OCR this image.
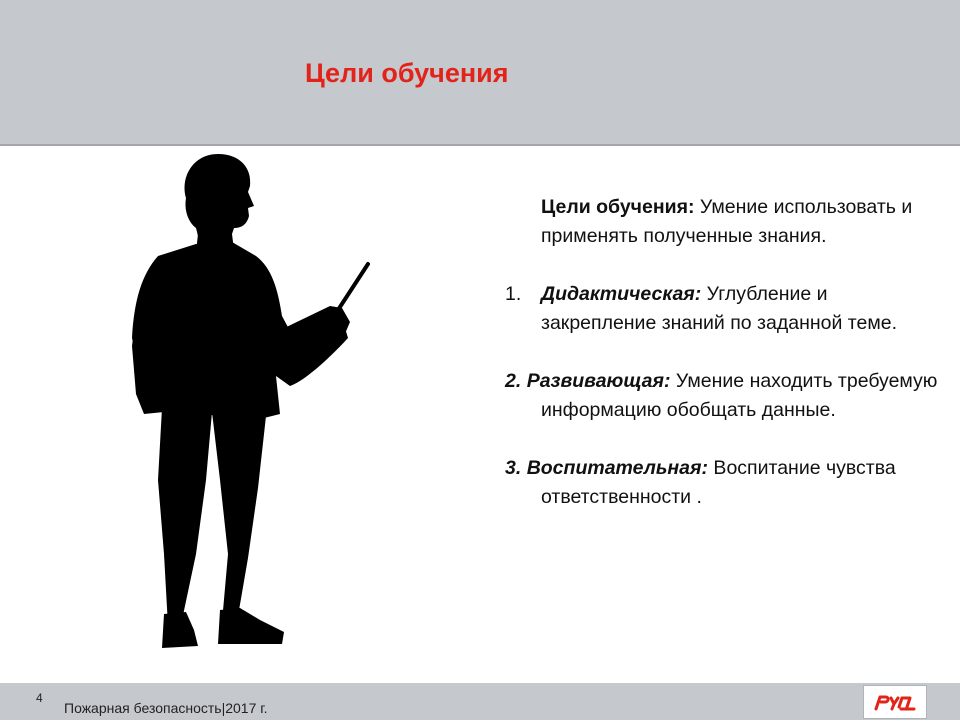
Цели обучения

Цели обучения: Умение использовать и применять полученные знания.

1. Дидактическая: Углубление и закрепление знаний по заданной теме.

2. Развивающая: Умение находить требуемую информацию обобщать данные.

3. Воспитательная: Воспитание чувства ответственности .

4
Пожарная безопасность|2017 г.
